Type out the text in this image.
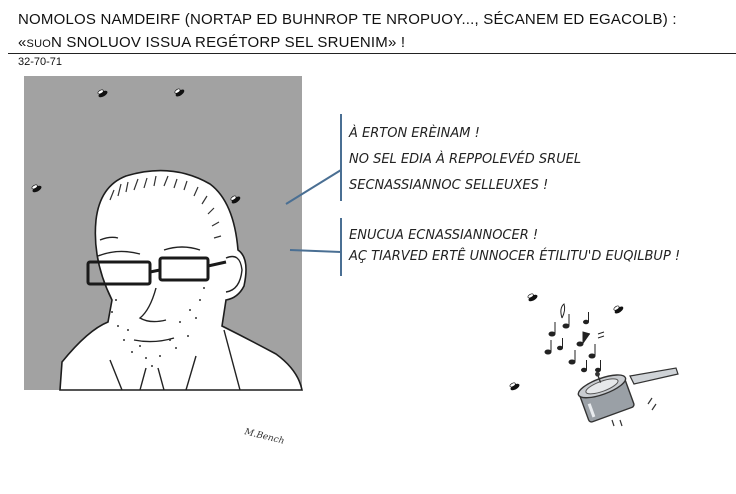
NOMOLOS NAMDEIRF (NORTAP ED BUHNROP TE NROPUOY..., SÉCANEM ED EGACOLB) :
«suoN SNOLUOV ISSUA REGÉTORP SEL SRUENIM» !
32-70-71
À ERTON ERÈINAM !
NO SEL EDIA À REPPOLEVÉD SRUEL
SECNASSIANNOC SELLEUXES !
ENUCUA ECNASSIANNOCER !
AÇ TIARVED ERTÊ UNNOCER ÉTILITU'D EUQILBUP !
M.Bench
